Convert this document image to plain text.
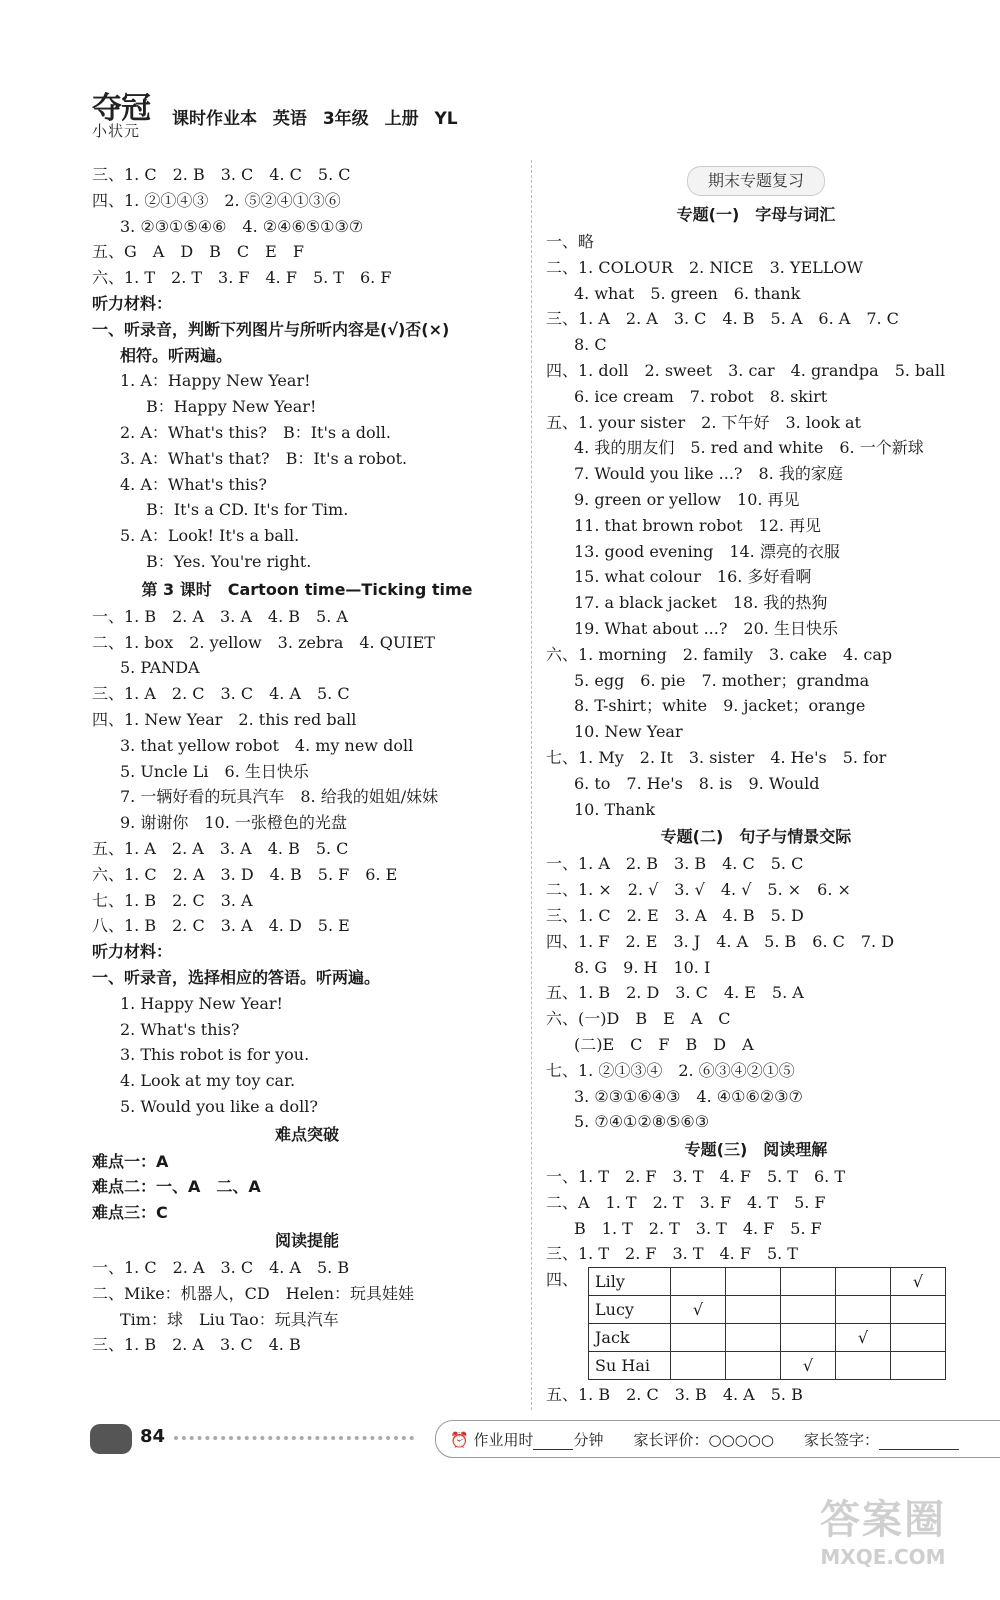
夺冠
小状元
课时作业本 英语 3年级 上册 YL
三、1. C　2. B　3. C　4. C　5. C
四、1. ②①④③　2. ⑤②④①③⑥
3. ②③①⑤④⑥　4. ②④⑥⑤①③⑦
五、G　A　D　B　C　E　F
六、1. T　2. T　3. F　4. F　5. T　6. F
听力材料：
一、听录音，判断下列图片与所听内容是(√)否(×)
相符。听两遍。
1. A：Happy New Year!
B：Happy New Year!
2. A：What's this?　B：It's a doll.
3. A：What's that?　B：It's a robot.
4. A：What's this?
B：It's a CD. It's for Tim.
5. A：Look! It's a ball.
B：Yes. You're right.
第 3 课时　Cartoon time—Ticking time
一、1. B　2. A　3. A　4. B　5. A
二、1. box　2. yellow　3. zebra　4. QUIET
5. PANDA
三、1. A　2. C　3. C　4. A　5. C
四、1. New Year　2. this red ball
3. that yellow robot　4. my new doll
5. Uncle Li　6. 生日快乐
7. 一辆好看的玩具汽车　8. 给我的姐姐/妹妹
9. 谢谢你　10. 一张橙色的光盘
五、1. A　2. A　3. A　4. B　5. C
六、1. C　2. A　3. D　4. B　5. F　6. E
七、1. B　2. C　3. A
八、1. B　2. C　3. A　4. D　5. E
听力材料：
一、听录音，选择相应的答语。听两遍。
1. Happy New Year!
2. What's this?
3. This robot is for you.
4. Look at my toy car.
5. Would you like a doll?
难点突破
难点一：A
难点二：一、A　二、A
难点三：C
阅读提能
一、1. C　2. A　3. C　4. A　5. B
二、Mike：机器人，CD　Helen：玩具娃娃
Tim：球　Liu Tao：玩具汽车
三、1. B　2. A　3. C　4. B
期末专题复习
专题(一)　字母与词汇
一、略
二、1. COLOUR　2. NICE　3. YELLOW
4. what　5. green　6. thank
三、1. A　2. A　3. C　4. B　5. A　6. A　7. C
8. C
四、1. doll　2. sweet　3. car　4. grandpa　5. ball
6. ice cream　7. robot　8. skirt
五、1. your sister　2. 下午好　3. look at
4. 我的朋友们　5. red and white　6. 一个新球
7. Would you like ...?　8. 我的家庭
9. green or yellow　10. 再见
11. that brown robot　12. 再见
13. good evening　14. 漂亮的衣服
15. what colour　16. 多好看啊
17. a black jacket　18. 我的热狗
19. What about ...?　20. 生日快乐
六、1. morning　2. family　3. cake　4. cap
5. egg　6. pie　7. mother；grandma
8. T-shirt；white　9. jacket；orange
10. New Year
七、1. My　2. It　3. sister　4. He's　5. for
6. to　7. He's　8. is　9. Would
10. Thank
专题(二)　句子与情景交际
一、1. A　2. B　3. B　4. C　5. C
二、1. ×　2. √　3. √　4. √　5. ×　6. ×
三、1. C　2. E　3. A　4. B　5. D
四、1. F　2. E　3. J　4. A　5. B　6. C　7. D
8. G　9. H　10. I
五、1. B　2. D　3. C　4. E　5. A
六、(一)D　B　E　A　C
(二)E　C　F　B　D　A
七、1. ②①③④　2. ⑥③④②①⑤
3. ②③①⑥④③　4. ④①⑥②③⑦
5. ⑦④①②⑧⑤⑥③
专题(三)　阅读理解
一、1. T　2. F　3. T　4. F　5. T　6. T
二、A　1. T　2. T　3. F　4. T　5. F
B　1. T　2. T　3. T　4. F　5. F
三、1. T　2. F　3. T　4. F　5. T
四、 Lily					√
Lucy	√				
Jack				√	
Su Hai			√		
五、1. B　2. C　3. B　4. A　5. B
84	⏰ 作业用时	分钟 家长评价：○○○○○ 家长签字：
答案圈
MXQE.COM
